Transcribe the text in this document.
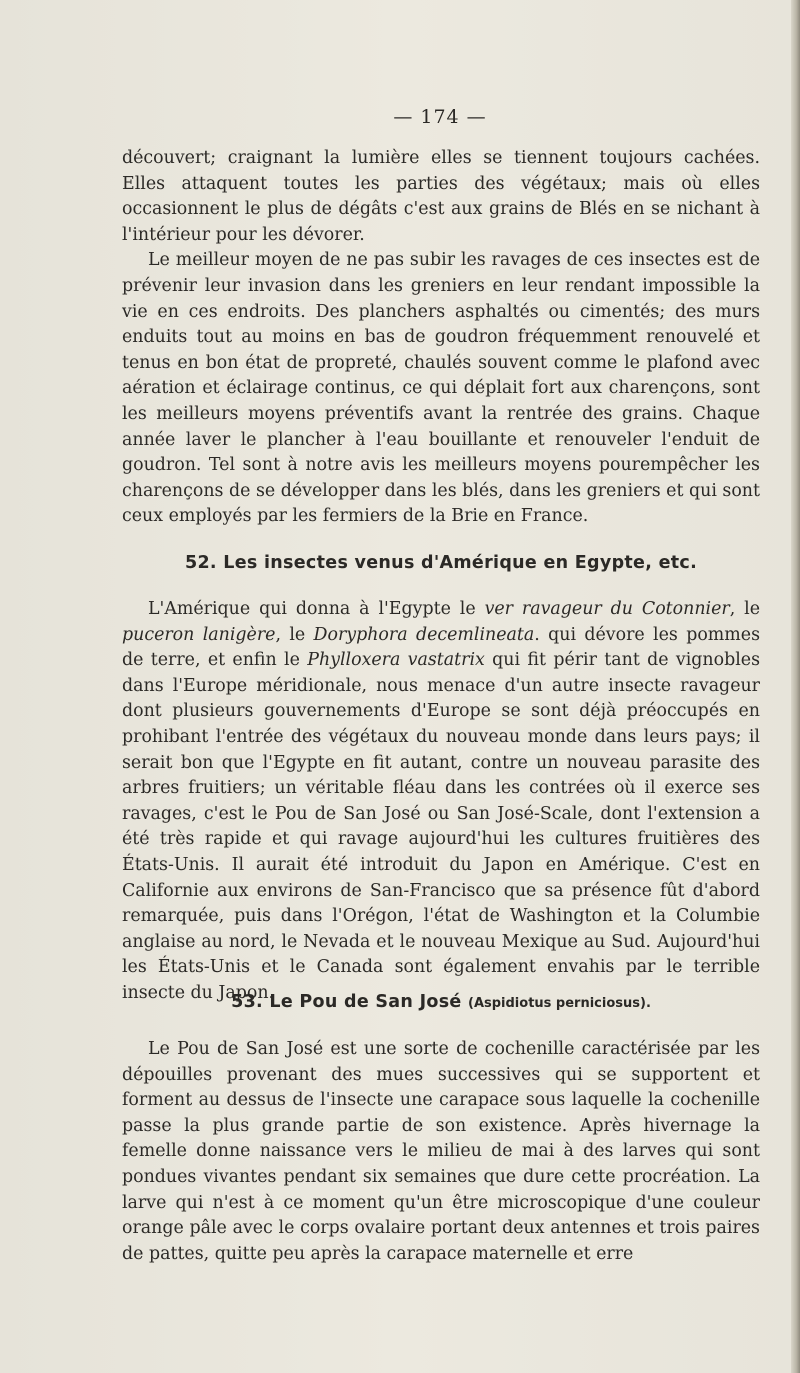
— 174 —

découvert; craignant la lumière elles se tiennent toujours cachées. Elles attaquent toutes les parties des végétaux; mais où elles occasionnent le plus de dégâts c'est aux grains de Blés en se nichant à l'intérieur pour les dévorer.

Le meilleur moyen de ne pas subir les ravages de ces insectes est de prévenir leur invasion dans les greniers en leur rendant impossible la vie en ces endroits. Des planchers asphaltés ou cimentés; des murs enduits tout au moins en bas de goudron fréquemment renouvelé et tenus en bon état de propreté, chaulés souvent comme le plafond avec aération et éclairage continus, ce qui déplait fort aux charençons, sont les meilleurs moyens préventifs avant la rentrée des grains. Chaque année laver le plancher à l'eau bouillante et renouveler l'enduit de goudron. Tel sont à notre avis les meilleurs moyens pourempêcher les charençons de se développer dans les blés, dans les greniers et qui sont ceux employés par les fermiers de la Brie en France.

52. Les insectes venus d'Amérique en Egypte, etc.

L'Amérique qui donna à l'Egypte le ver ravageur du Cotonnier, le puceron lanigère, le Doryphora decemlineata. qui dévore les pommes de terre, et enfin le Phylloxera vastatrix qui fit périr tant de vignobles dans l'Europe méridionale, nous menace d'un autre insecte ravageur dont plusieurs gouvernements d'Europe se sont déjà préoccupés en prohibant l'entrée des végétaux du nouveau monde dans leurs pays; il serait bon que l'Egypte en fit autant, contre un nouveau parasite des arbres fruitiers; un véritable fléau dans les contrées où il exerce ses ravages, c'est le Pou de San José ou San José-Scale, dont l'extension a été très rapide et qui ravage aujourd'hui les cultures fruitières des États-Unis. Il aurait été introduit du Japon en Amérique. C'est en Californie aux environs de San-Francisco que sa présence fût d'abord remarquée, puis dans l'Orégon, l'état de Washington et la Columbie anglaise au nord, le Nevada et le nouveau Mexique au Sud. Aujourd'hui les États-Unis et le Canada sont également envahis par le terrible insecte du Japon.

53. Le Pou de San José (Aspidiotus perniciosus).

Le Pou de San José est une sorte de cochenille caractérisée par les dépouilles provenant des mues successives qui se supportent et forment au dessus de l'insecte une carapace sous laquelle la cochenille passe la plus grande partie de son existence. Après hivernage la femelle donne naissance vers le milieu de mai à des larves qui sont pondues vivantes pendant six semaines que dure cette procréation. La larve qui n'est à ce moment qu'un être microscopique d'une couleur orange pâle avec le corps ovalaire portant deux antennes et trois paires de pattes, quitte peu après la carapace maternelle et erre
